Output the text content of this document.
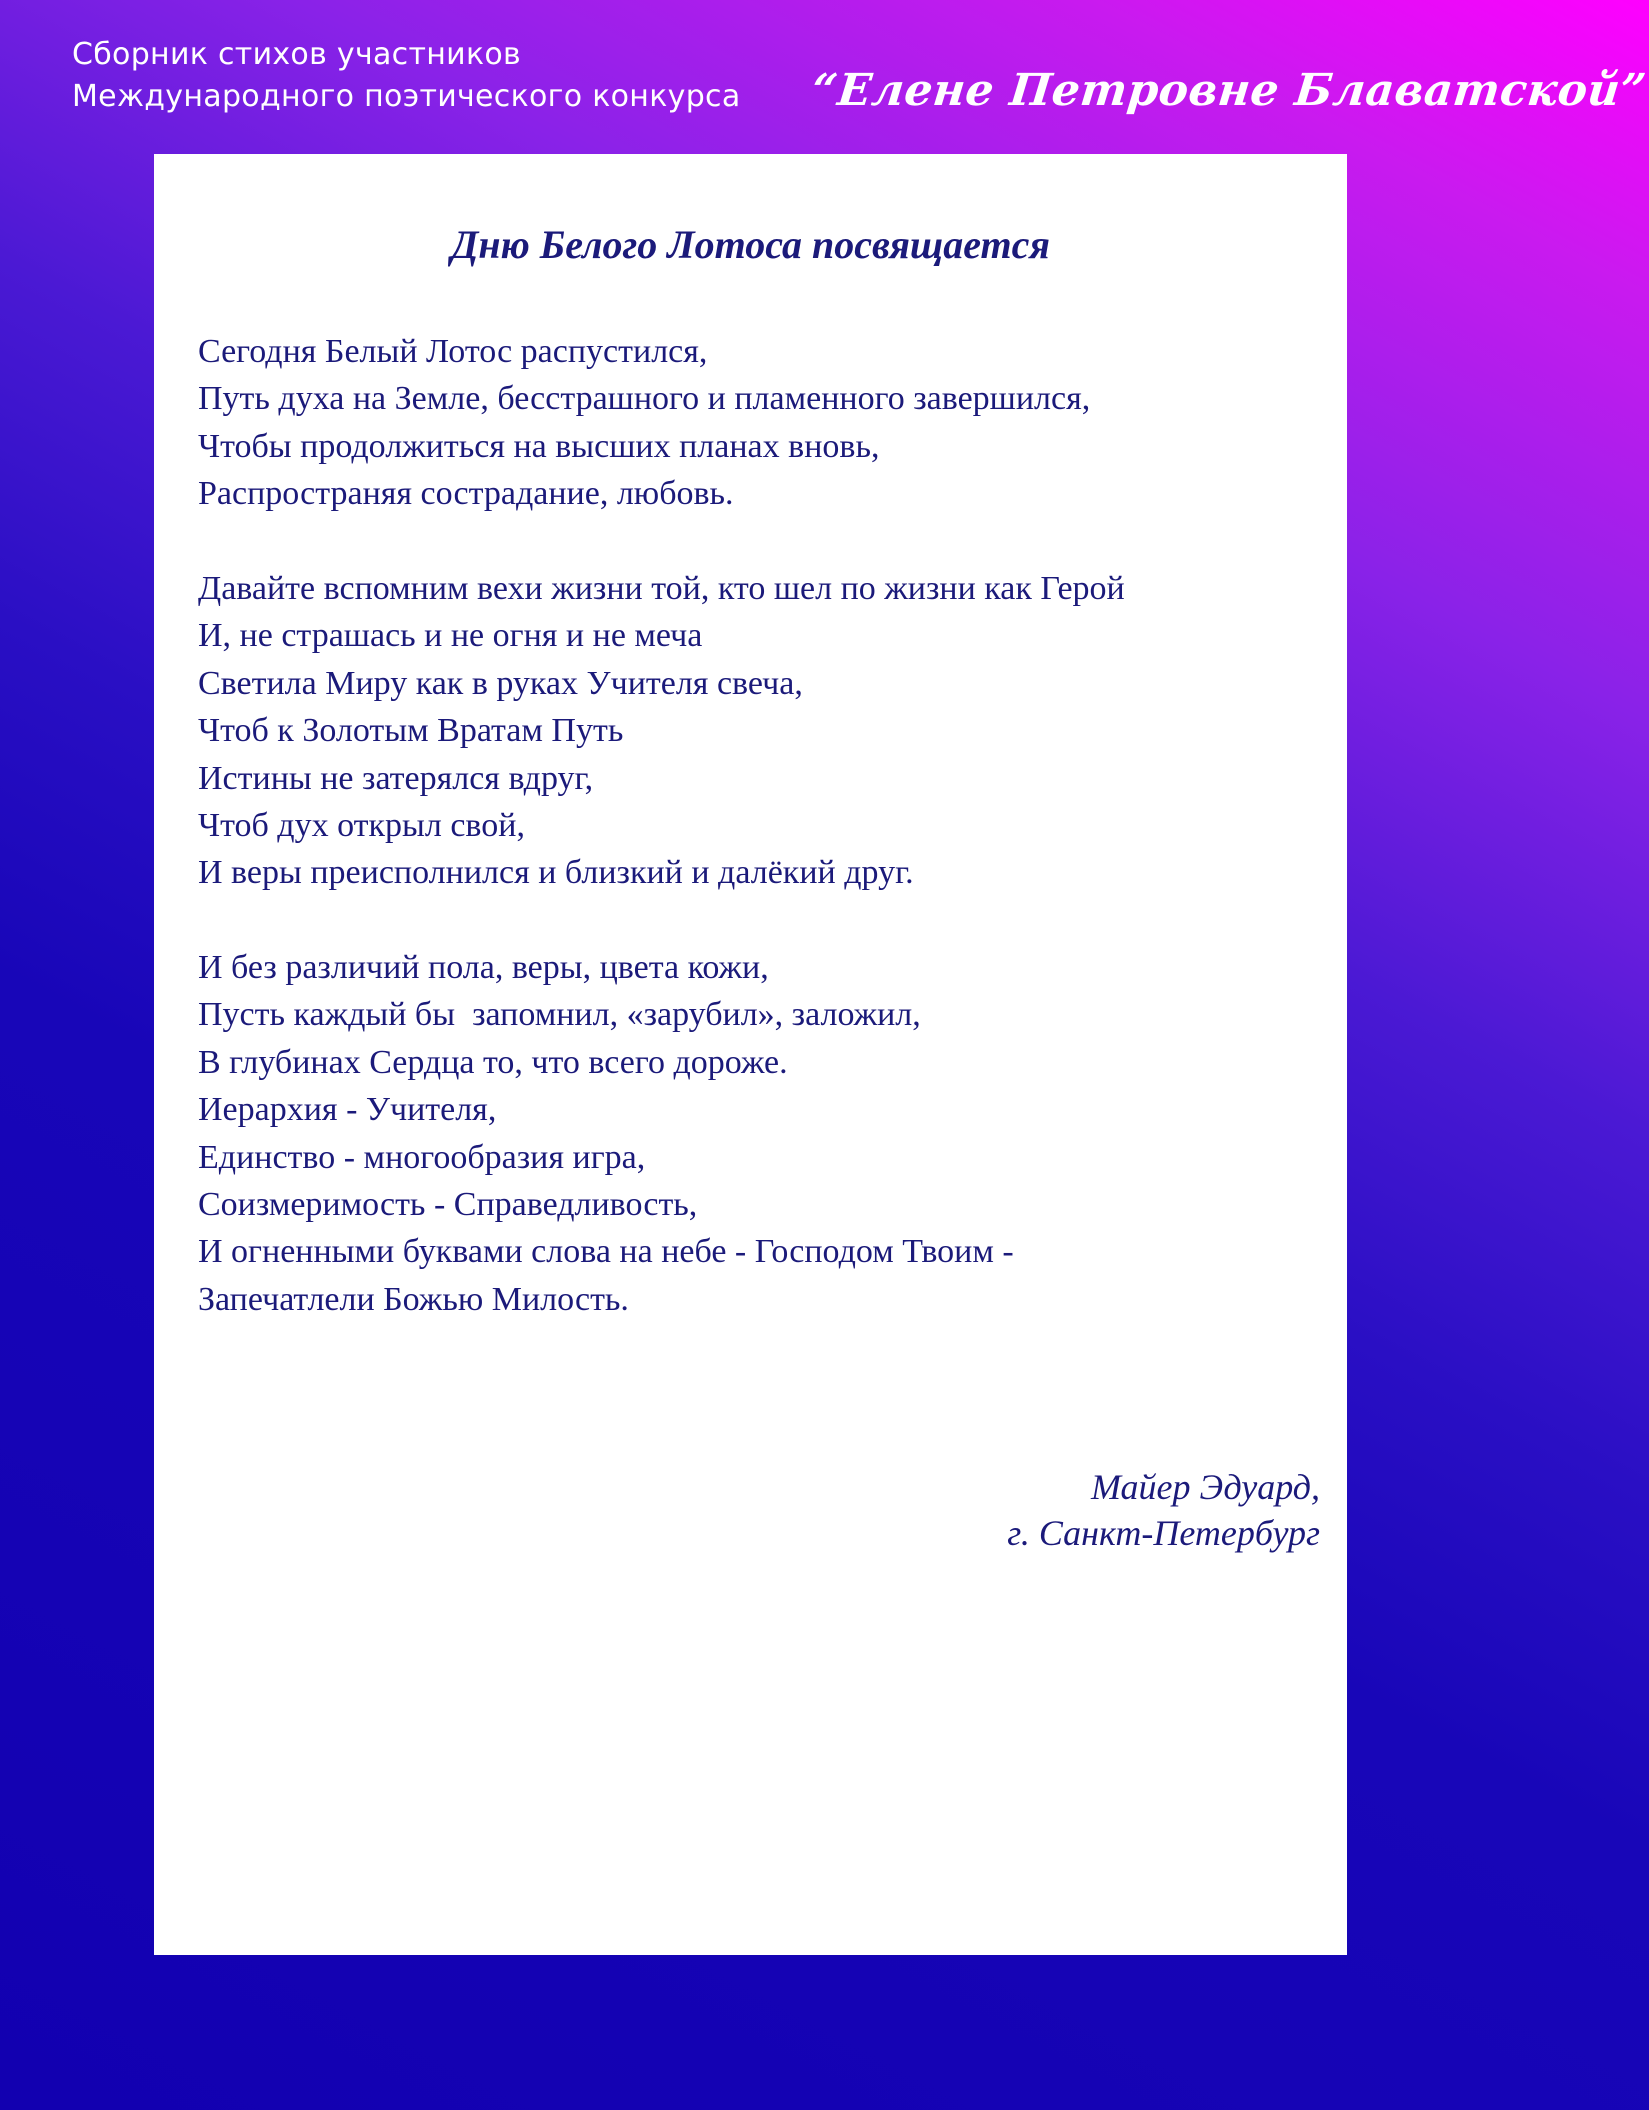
Сборник стихов участников
Международного поэтического конкурса “Елене Петровне Блаватской”
Дню Белого Лотоса посвящается
Сегодня Белый Лотос распустился,
Путь духа на Земле, бесстрашного и пламенного завершился,
Чтобы продолжиться на высших планах вновь,
Распространяя сострадание, любовь.
Давайте вспомним вехи жизни той, кто шел по жизни как Герой
И, не страшась и не огня и не меча
Светила Миру как в руках Учителя свеча,
Чтоб к Золотым Вратам Путь
Истины не затерялся вдруг,
Чтоб дух открыл свой,
И веры преисполнился и близкий и далёкий друг.
И без различий пола, веры, цвета кожи,
Пусть каждый бы  запомнил, «зарубил», заложил,
В глубинах Сердца то, что всего дороже.
Иерархия - Учителя,
Единство - многообразия игра,
Соизмеримость - Справедливость,
И огненными буквами слова на небе - Господом Твоим -
Запечатлели Божью Милость.
Майер Эдуард,
г. Санкт-Петербург
